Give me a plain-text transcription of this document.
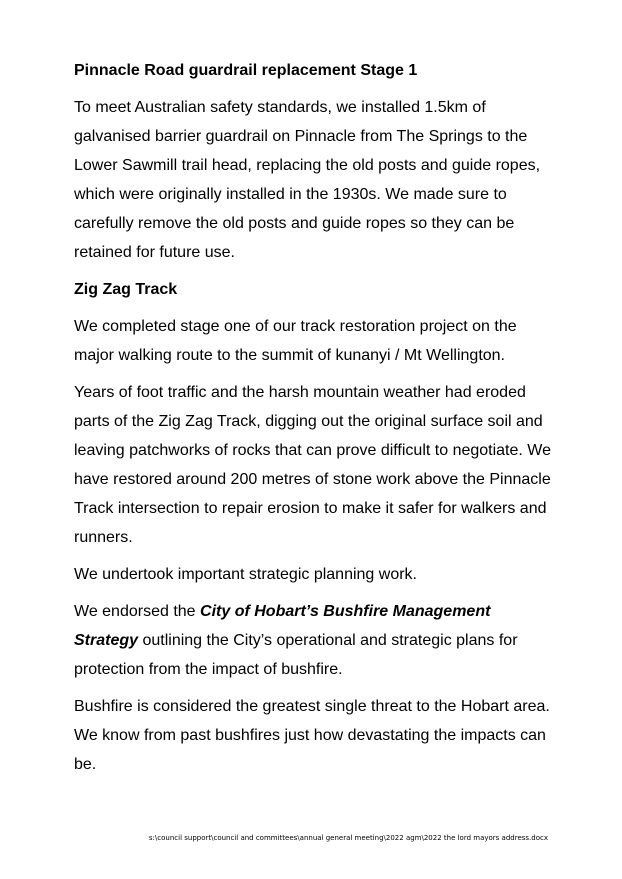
Pinnacle Road guardrail replacement Stage 1

To meet Australian safety standards, we installed 1.5km of galvanised barrier guardrail on Pinnacle from The Springs to the Lower Sawmill trail head, replacing the old posts and guide ropes, which were originally installed in the 1930s. We made sure to carefully remove the old posts and guide ropes so they can be retained for future use.

Zig Zag Track

We completed stage one of our track restoration project on the major walking route to the summit of kunanyi / Mt Wellington.

Years of foot traffic and the harsh mountain weather had eroded parts of the Zig Zag Track, digging out the original surface soil and leaving patchworks of rocks that can prove difficult to negotiate. We have restored around 200 metres of stone work above the Pinnacle Track intersection to repair erosion to make it safer for walkers and runners.

We undertook important strategic planning work.

We endorsed the City of Hobart’s Bushfire Management Strategy outlining the City’s operational and strategic plans for protection from the impact of bushfire.

Bushfire is considered the greatest single threat to the Hobart area. We know from past bushfires just how devastating the impacts can be.

s:\council support\council and committees\annual general meeting\2022 agm\2022 the lord mayors address.docx
